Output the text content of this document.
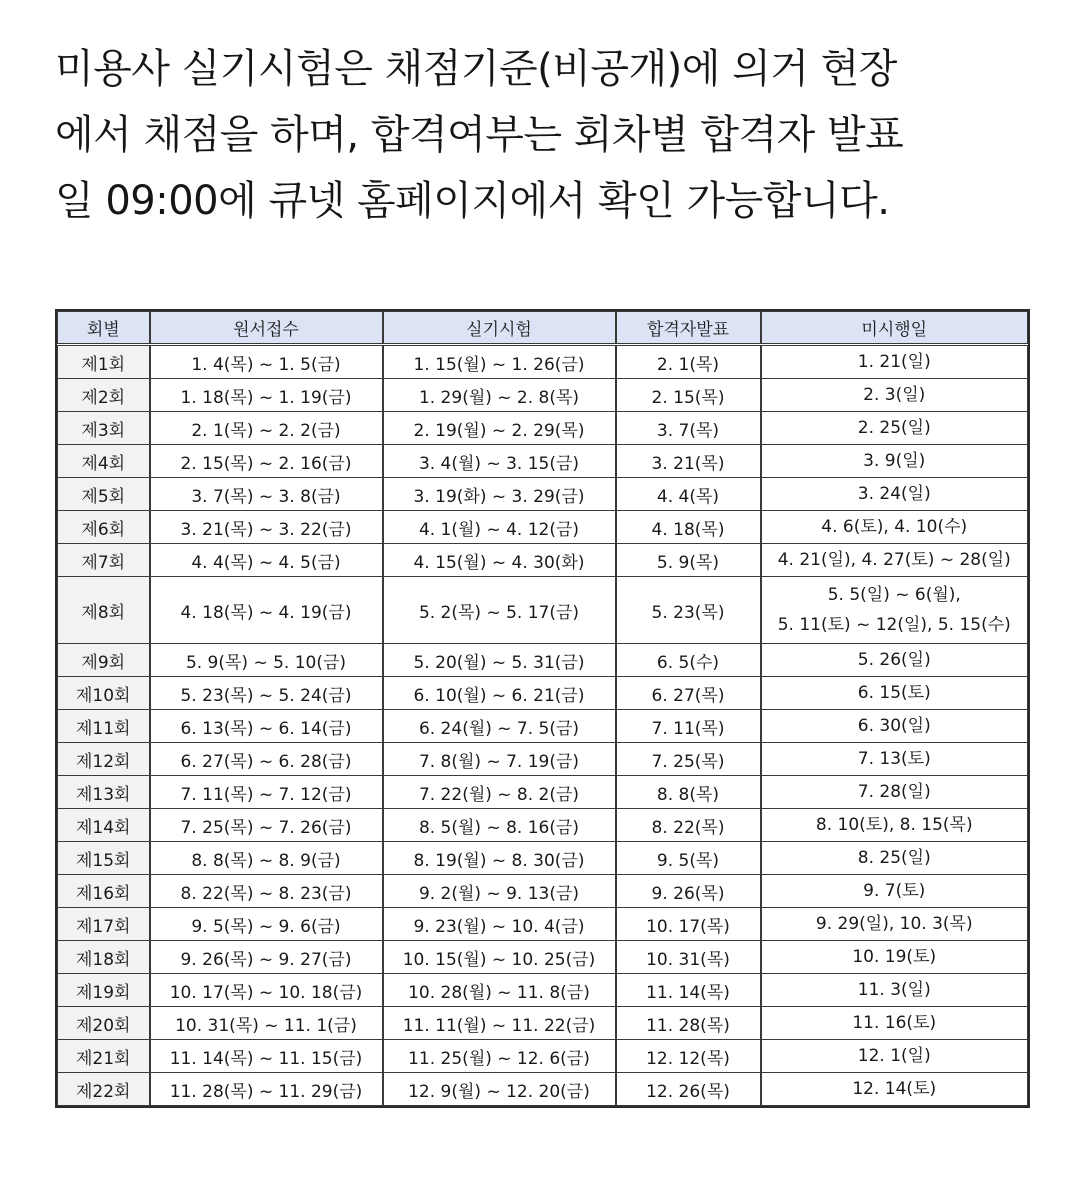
미용사 실기시험은 채점기준(비공개)에 의거 현장

에서 채점을 하며, 합격여부는 회차별 합격자 발표

일 09:00에 큐넷 홈페이지에서 확인 가능합니다.

회별	원서접수	실기시험	합격자발표	미시행일
제1회	1. 4(목) ~ 1. 5(금)	1. 15(월) ~ 1. 26(금)	2. 1(목)	1. 21(일)

제2회	1. 18(목) ~ 1. 19(금)	1. 29(월) ~ 2. 8(목)	2. 15(목)	2. 3(일)

제3회	2. 1(목) ~ 2. 2(금)	2. 19(월) ~ 2. 29(목)	3. 7(목)	2. 25(일)

제4회	2. 15(목) ~ 2. 16(금)	3. 4(월) ~ 3. 15(금)	3. 21(목)	3. 9(일)

제5회	3. 7(목) ~ 3. 8(금)	3. 19(화) ~ 3. 29(금)	4. 4(목)	3. 24(일)

제6회	3. 21(목) ~ 3. 22(금)	4. 1(월) ~ 4. 12(금)	4. 18(목)	4. 6(토), 4. 10(수)

제7회	4. 4(목) ~ 4. 5(금)	4. 15(월) ~ 4. 30(화)	5. 9(목)	4. 21(일), 4. 27(토) ~ 28(일)

제8회	4. 18(목) ~ 4. 19(금)	5. 2(목) ~ 5. 17(금)	5. 23(목)	5. 5(일) ~ 6(월),
5. 11(토) ~ 12(일), 5. 15(수)

제9회	5. 9(목) ~ 5. 10(금)	5. 20(월) ~ 5. 31(금)	6. 5(수)	5. 26(일)

제10회	5. 23(목) ~ 5. 24(금)	6. 10(월) ~ 6. 21(금)	6. 27(목)	6. 15(토)

제11회	6. 13(목) ~ 6. 14(금)	6. 24(월) ~ 7. 5(금)	7. 11(목)	6. 30(일)

제12회	6. 27(목) ~ 6. 28(금)	7. 8(월) ~ 7. 19(금)	7. 25(목)	7. 13(토)

제13회	7. 11(목) ~ 7. 12(금)	7. 22(월) ~ 8. 2(금)	8. 8(목)	7. 28(일)

제14회	7. 25(목) ~ 7. 26(금)	8. 5(월) ~ 8. 16(금)	8. 22(목)	8. 10(토), 8. 15(목)

제15회	8. 8(목) ~ 8. 9(금)	8. 19(월) ~ 8. 30(금)	9. 5(목)	8. 25(일)

제16회	8. 22(목) ~ 8. 23(금)	9. 2(월) ~ 9. 13(금)	9. 26(목)	9. 7(토)

제17회	9. 5(목) ~ 9. 6(금)	9. 23(월) ~ 10. 4(금)	10. 17(목)	9. 29(일), 10. 3(목)

제18회	9. 26(목) ~ 9. 27(금)	10. 15(월) ~ 10. 25(금)	10. 31(목)	10. 19(토)

제19회	10. 17(목) ~ 10. 18(금)	10. 28(월) ~ 11. 8(금)	11. 14(목)	11. 3(일)

제20회	10. 31(목) ~ 11. 1(금)	11. 11(월) ~ 11. 22(금)	11. 28(목)	11. 16(토)

제21회	11. 14(목) ~ 11. 15(금)	11. 25(월) ~ 12. 6(금)	12. 12(목)	12. 1(일)

제22회	11. 28(목) ~ 11. 29(금)	12. 9(월) ~ 12. 20(금)	12. 26(목)	12. 14(토)
